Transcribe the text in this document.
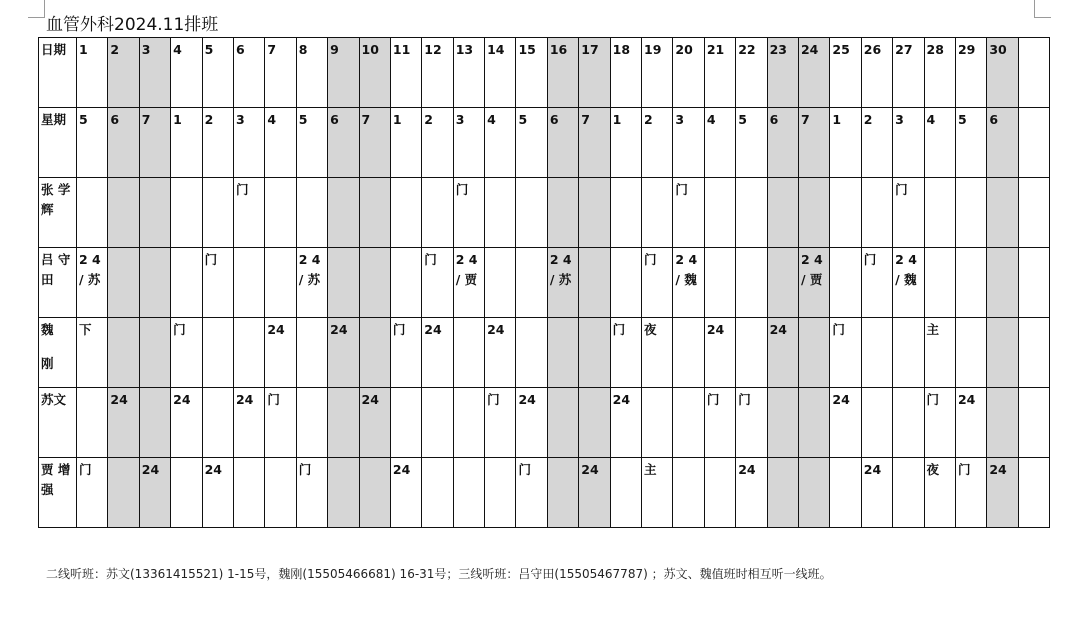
血管外科2024.11排班
日期	1	2	3	4	5	6	7	8	9	10	11	12	13	14	15	16	17	18	19	20	21	22	23	24	25	26	27	28	29	30	

星期	5	6	7	1	2	3	4	5	6	7	1	2	3	4	5	6	7	1	2	3	4	5	6	7	1	2	3	4	5	6	

张 学 辉						门							门							门							门				

吕 守 田	2 4 / 苏				门			2 4 / 苏				门	2 4 / 贾			2 4 / 苏			门	2 4 / 魏				2 4 / 贾		门	2 4 / 魏				

魏
刚	下			门			24		24		门	24		24				门	夜		24		24		门			主			

苏文		24		24		24	门			24				门	24			24			门	门			24			门	24		

贾 增 强	门		24		24			门			24				门		24		主			24				24		夜	门	24	
二线听班：苏文(13361415521) 1-15号，魏刚(15505466681) 16-31号；三线听班：吕守田(15505467787) ；苏文、魏值班时相互听一线班。
